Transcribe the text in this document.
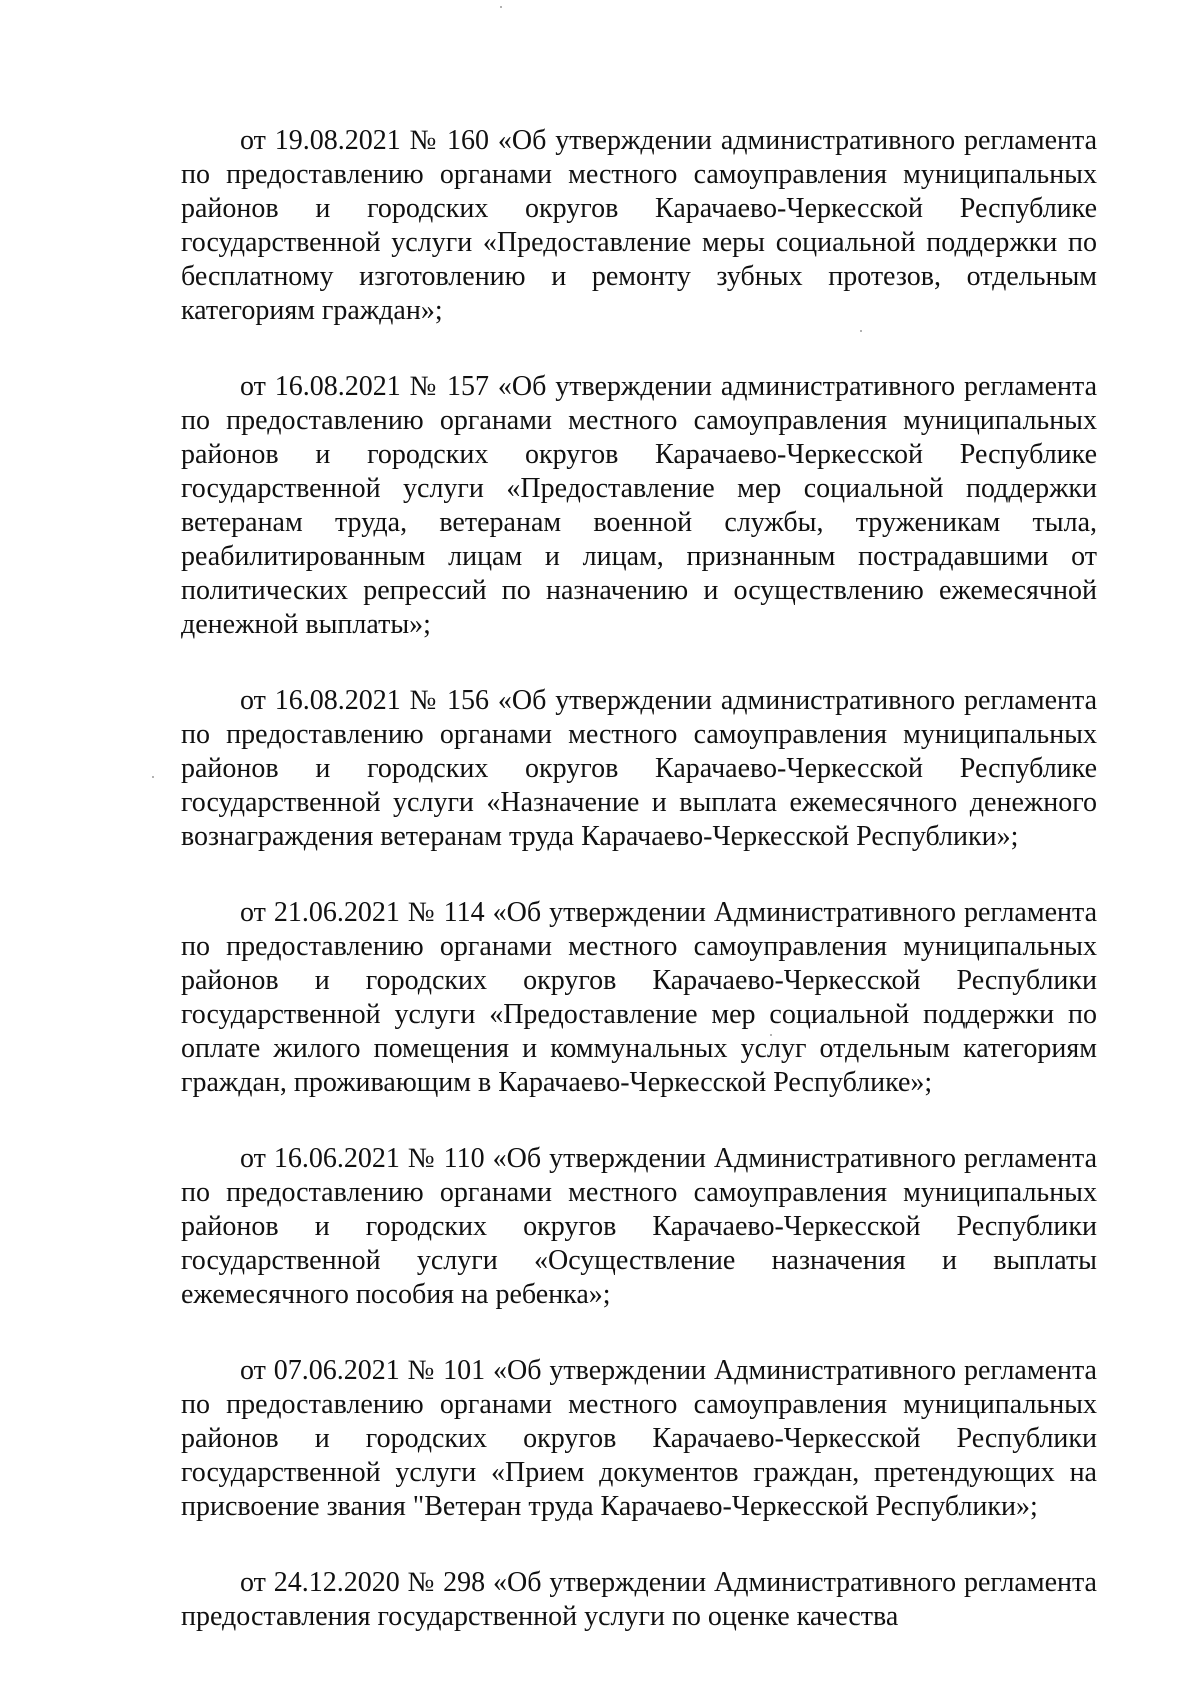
от 19.08.2021 № 160 «Об утверждении административного регламента по предоставлению органами местного самоуправления муниципальных районов и городских округов Карачаево-Черкесской Республике государственной услуги «Предоставление меры социальной поддержки по бесплатному изготовлению и ремонту зубных протезов, отдельным категориям граждан»;

от 16.08.2021 № 157 «Об утверждении административного регламента по предоставлению органами местного самоуправления муниципальных районов и городских округов Карачаево-Черкесской Республике государственной услуги «Предоставление мер социальной поддержки ветеранам труда, ветеранам военной службы, труженикам тыла, реабилитированным лицам и лицам, признанным пострадавшими от политических репрессий по назначению и осуществлению ежемесячной денежной выплаты»;

от 16.08.2021 № 156 «Об утверждении административного регламента по предоставлению органами местного самоуправления муниципальных районов и городских округов Карачаево-Черкесской Республике государственной услуги «Назначение и выплата ежемесячного денежного вознаграждения ветеранам труда Карачаево-Черкесской Республики»;

от 21.06.2021 № 114 «Об утверждении Административного регламента по предоставлению органами местного самоуправления муниципальных районов и городских округов Карачаево-Черкесской Республики государственной услуги «Предоставление мер социальной поддержки по оплате жилого помещения и коммунальных услуг отдельным категориям граждан, проживающим в Карачаево-Черкесской Республике»;

от 16.06.2021 № 110 «Об утверждении Административного регламента по предоставлению органами местного самоуправления муниципальных районов и городских округов Карачаево-Черкесской Республики государственной услуги «Осуществление назначения и выплаты ежемесячного пособия на ребенка»;

от 07.06.2021 № 101 «Об утверждении Административного регламента по предоставлению органами местного самоуправления муниципальных районов и городских округов Карачаево-Черкесской Республики государственной услуги «Прием документов граждан, претендующих на присвоение звания "Ветеран труда Карачаево-Черкесской Республики»;

от 24.12.2020 № 298 «Об утверждении Административного регламента предоставления государственной услуги по оценке качества
